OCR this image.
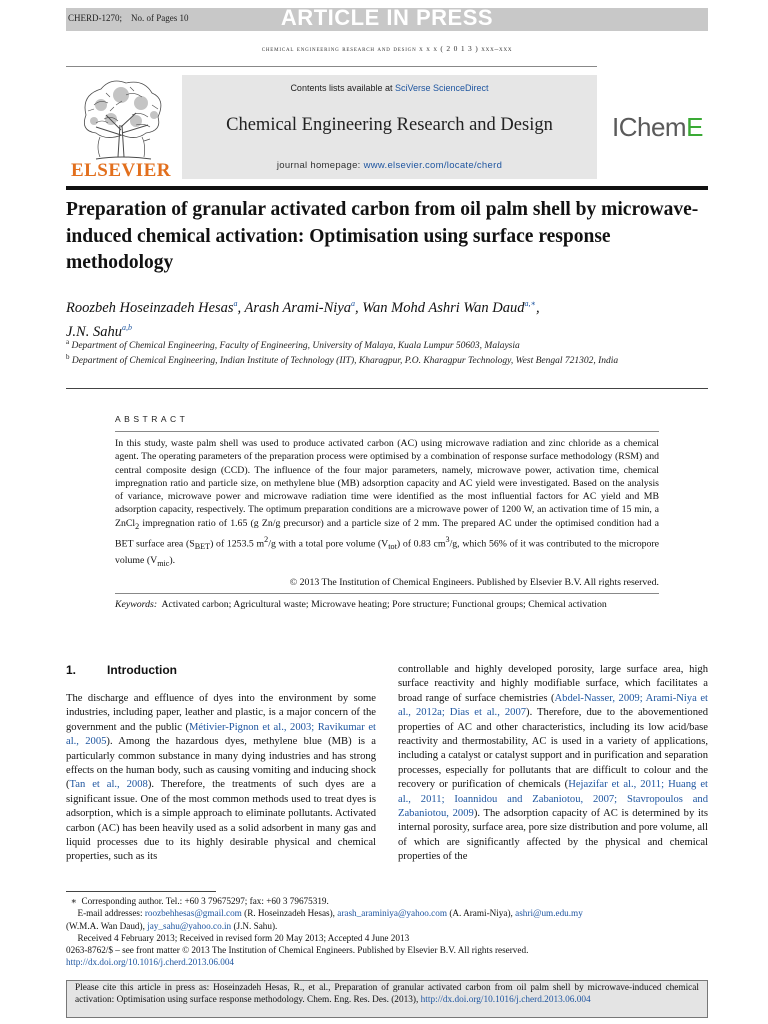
CHERD-1270;    No. of Pages 10	ARTICLE IN PRESS
chemical engineering research and design x x x ( 2 0 1 3 ) xxx–xxx
ELSEVIER
Contents lists available at SciVerse ScienceDirect
Chemical Engineering Research and Design
journal homepage: www.elsevier.com/locate/cherd
IChemE
Preparation of granular activated carbon from oil palm shell by microwave-induced chemical activation: Optimisation using surface response methodology
Roozbeh Hoseinzadeh Hesas$^a$, Arash Arami-Niya$^a$, Wan Mohd Ashri Wan Daud$^{a,∗}$,
J.N. Sahu$^{a,b}$
$^a$ Department of Chemical Engineering, Faculty of Engineering, University of Malaya, Kuala Lumpur 50603, Malaysia
$^b$ Department of Chemical Engineering, Indian Institute of Technology (IIT), Kharagpur, P.O. Kharagpur Technology, West Bengal 721302, India
ABSTRACT
In this study, waste palm shell was used to produce activated carbon (AC) using microwave radiation and zinc chloride as a chemical agent. The operating parameters of the preparation process were optimised by a combination of response surface methodology (RSM) and central composite design (CCD). The influence of the four major parameters, namely, microwave power, activation time, chemical impregnation ratio and particle size, on methylene blue (MB) adsorption capacity and AC yield were investigated. Based on the analysis of variance, microwave power and microwave radiation time were identified as the most influential factors for AC yield and MB adsorption capacity, respectively. The optimum preparation conditions are a microwave power of 1200 W, an activation time of 15 min, a ZnCl$_2$ impregnation ratio of 1.65 (g Zn/g precursor) and a particle size of 2 mm. The prepared AC under the optimised condition had a BET surface area $(S_{BET})$ of 1253.5 $m^2/g$ with a total pore volume $(V_{tot})$ of 0.83 $cm^3/g$, which 56% of it was contributed to the micropore volume $(V_{mic})$.
© 2013 The Institution of Chemical Engineers. Published by Elsevier B.V. All rights reserved.
Keywords: Activated carbon; Agricultural waste; Microwave heating; Pore structure; Functional groups; Chemical activation
1.	Introduction
The discharge and effluence of dyes into the environment by some industries, including paper, leather and plastic, is a major concern of the government and the public (Métivier-Pignon et al., 2003; Ravikumar et al., 2005). Among the hazardous dyes, methylene blue (MB) is a particularly common substance in many dying industries and has strong effects on the human body, such as causing vomiting and inducing shock (Tan et al., 2008). Therefore, the treatments of such dyes are a significant issue. One of the most common methods used to treat dyes is adsorption, which is a simple approach to eliminate pollutants. Activated carbon (AC) has been heavily used as a solid adsorbent in many gas and liquid processes due to its highly desirable physical and chemical properties, such as its
controllable and highly developed porosity, large surface area, high surface reactivity and highly modifiable surface, which facilitates a broad range of surface chemistries (Abdel-Nasser, 2009; Arami-Niya et al., 2012a; Dias et al., 2007). Therefore, due to the abovementioned properties of AC and other characteristics, including its low acid/base reactivity and thermostability, AC is used in a variety of applications, including a catalyst or catalyst support and in purification and separation processes, especially for pollutants that are difficult to colour and the recovery or purification of chemicals (Hejazifar et al., 2011; Huang et al., 2011; Ioannidou and Zabaniotou, 2007; Stavropoulos and Zabaniotou, 2009). The adsorption capacity of AC is determined by its internal porosity, surface area, pore size distribution and pore volume, all of which are significantly affected by the physical and chemical properties of the
∗  Corresponding author. Tel.: +60 3 79675297; fax: +60 3 79675319.
E-mail addresses: roozbehhesas@gmail.com (R. Hoseinzadeh Hesas), arash_araminiya@yahoo.com (A. Arami-Niya), ashri@um.edu.my
(W.M.A. Wan Daud), jay_sahu@yahoo.co.in (J.N. Sahu).
Received 4 February 2013; Received in revised form 20 May 2013; Accepted 4 June 2013
0263-8762/$ – see front matter © 2013 The Institution of Chemical Engineers. Published by Elsevier B.V. All rights reserved.
http://dx.doi.org/10.1016/j.cherd.2013.06.004
Please cite this article in press as: Hoseinzadeh Hesas, R., et al., Preparation of granular activated carbon from oil palm shell by microwave-induced chemical activation: Optimisation using surface response methodology. Chem. Eng. Res. Des. (2013), http://dx.doi.org/10.1016/j.cherd.2013.06.004
